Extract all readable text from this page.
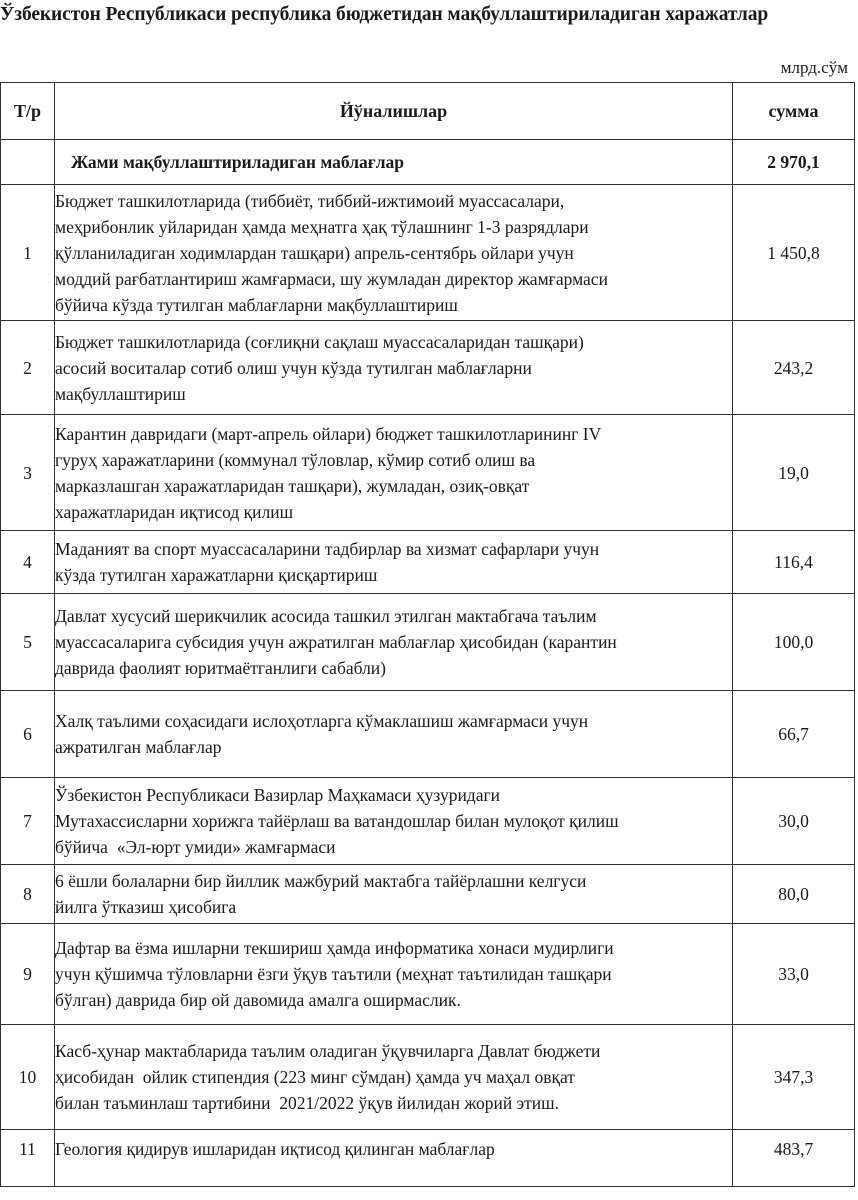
Ўзбекистон Республикаси республика бюджетидан мақбуллаштириладиган харажатлар
млрд.сўм
Т/р	Йўналишлар	сумма
	Жами мақбуллаштириладиган маблағлар	2 970,1
1	Бюджет ташкилотларида (тиббиёт, тиббий-ижтимоий муассасалари,
меҳрибонлик уйларидан ҳамда меҳнатга ҳақ тўлашнинг 1-3 разрядлари
қўлланиладиган ходимлардан ташқари) апрель-сентябрь ойлари учун
моддий рағбатлантириш жамғармаси, шу жумладан директор жамғармаси
бўйича кўзда тутилган маблағларни мақбуллаштириш	1 450,8
2	Бюджет ташкилотларида (соғлиқни сақлаш муассасаларидан ташқари)
асосий воситалар сотиб олиш учун кўзда тутилган маблағларни
мақбуллаштириш	243,2
3	Карантин давридаги (март-апрель ойлари) бюджет ташкилотларининг IV
гуруҳ харажатларини (коммунал тўловлар, кўмир сотиб олиш ва
марказлашган харажатларидан ташқари), жумладан, озиқ-овқат
харажатларидан иқтисод қилиш	19,0
4	Маданият ва спорт муассасаларини тадбирлар ва хизмат сафарлари учун
кўзда тутилган харажатларни қисқартириш	116,4
5	Давлат хусусий шерикчилик асосида ташкил этилган мактабгача таълим
муассасаларига субсидия учун ажратилган маблағлар ҳисобидан (карантин
даврида фаолият юритмаётганлиги сабабли)	100,0
6	Халқ таълими соҳасидаги ислоҳотларга кўмаклашиш жамғармаси учун
ажратилган маблағлар	66,7
7	Ўзбекистон Республикаси Вазирлар Маҳкамаси ҳузуридаги
Мутахассисларни хорижга тайёрлаш ва ватандошлар билан мулоқот қилиш
бўйича  «Эл-юрт умиди» жамғармаси	30,0
8	6 ёшли болаларни бир йиллик мажбурий мактабга тайёрлашни келгуси
йилга ўтказиш ҳисобига	80,0
9	Дафтар ва ёзма ишларни текшириш ҳамда информатика хонаси мудирлиги
учун қўшимча тўловларни ёзги ўқув таътили (меҳнат таътилидан ташқари
бўлган) даврида бир ой давомида амалга оширмаслик.	33,0
10	Касб-ҳунар мактабларида таълим оладиган ўқувчиларга Давлат бюджети
ҳисобидан  ойлик стипендия (223 минг сўмдан) ҳамда уч маҳал овқат
билан таъминлаш тартибини  2021/2022 ўқув йилидан жорий этиш.	347,3
11	Геология қидирув ишларидан иқтисод қилинган маблағлар	483,7
